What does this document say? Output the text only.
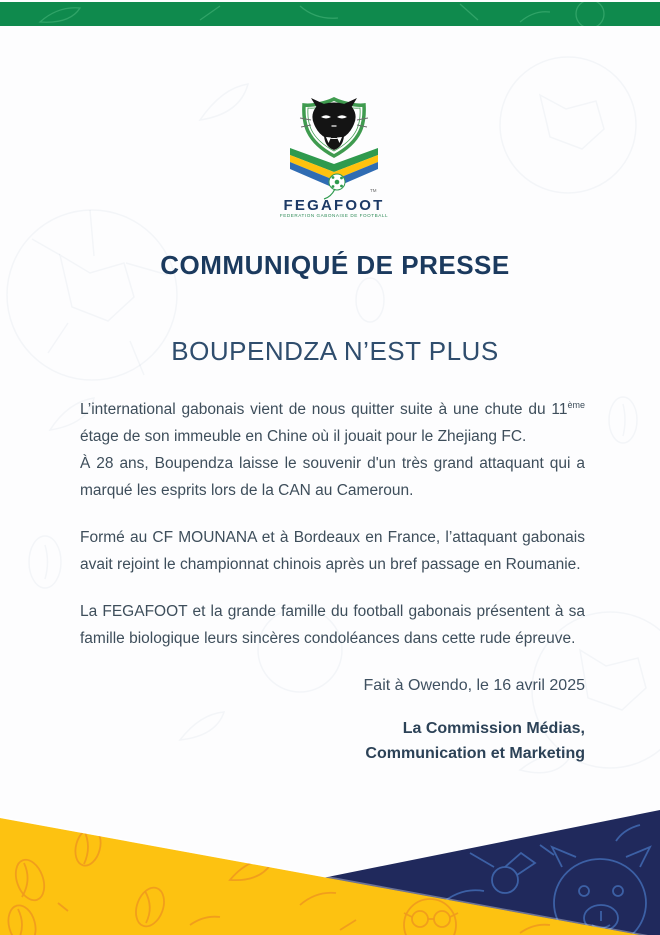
TM
FEGAFOOT
FEDERATION GABONAISE DE FOOTBALL
COMMUNIQUÉ DE PRESSE
BOUPENDZA N’EST PLUS

L’international gabonais vient de nous quitter suite à une chute du 11ème étage de son immeuble en Chine où il jouait pour le Zhejiang FC.
À 28 ans, Boupendza laisse le souvenir d'un très grand attaquant qui a marqué les esprits lors de la CAN au Cameroun.

Formé au CF MOUNANA et à Bordeaux en France, l’attaquant gabonais avait rejoint le championnat chinois après un bref passage en Roumanie.

La FEGAFOOT et la grande famille du football gabonais présentent à sa famille biologique leurs sincères condoléances dans cette rude épreuve.

Fait à Owendo, le 16 avril 2025
La Commission Médias,
Communication et Marketing
